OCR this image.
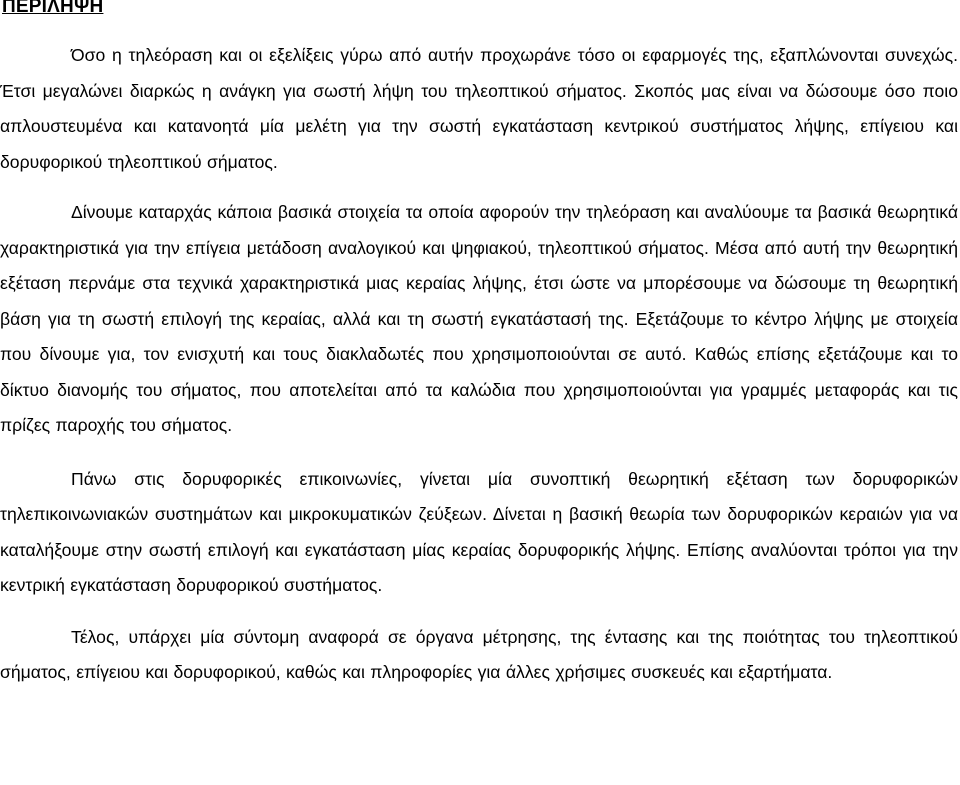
ΠΕΡΙΛΗΨΗ

Όσο η τηλεόραση και οι εξελίξεις γύρω από αυτήν προχωράνε τόσο οι εφαρμογές της, εξαπλώνονται συνεχώς. Έτσι μεγαλώνει διαρκώς η ανάγκη για σωστή λήψη του τηλεοπτικού σήματος. Σκοπός μας είναι να δώσουμε όσο ποιο απλουστευμένα και κατανοητά μία μελέτη για την σωστή εγκατάσταση κεντρικού συστήματος λήψης, επίγειου και δορυφορικού τηλεοπτικού σήματος.

Δίνουμε καταρχάς κάποια βασικά στοιχεία τα οποία αφορούν την τηλεόραση και αναλύουμε τα βασικά θεωρητικά χαρακτηριστικά για την επίγεια μετάδοση αναλογικού και ψηφιακού, τηλεοπτικού σήματος. Μέσα από αυτή την θεωρητική εξέταση περνάμε στα τεχνικά χαρακτηριστικά μιας κεραίας λήψης, έτσι ώστε να μπορέσουμε να δώσουμε τη θεωρητική βάση για τη σωστή επιλογή της κεραίας, αλλά και τη σωστή εγκατάστασή της. Εξετάζουμε το κέντρο λήψης με στοιχεία που δίνουμε για, τον ενισχυτή και τους διακλαδωτές που χρησιμοποιούνται σε αυτό. Καθώς επίσης εξετάζουμε και το δίκτυο διανομής του σήματος, που αποτελείται από τα καλώδια που χρησιμοποιούνται για γραμμές μεταφοράς και τις πρίζες παροχής του σήματος.

Πάνω στις δορυφορικές επικοινωνίες, γίνεται μία συνοπτική θεωρητική εξέταση των δορυφορικών τηλεπικοινωνιακών συστημάτων και μικροκυματικών ζεύξεων. Δίνεται η βασική θεωρία των δορυφορικών κεραιών για να καταλήξουμε στην σωστή επιλογή και εγκατάσταση μίας κεραίας δορυφορικής λήψης. Επίσης αναλύονται τρόποι για την κεντρική εγκατάσταση δορυφορικού συστήματος.

Τέλος, υπάρχει μία σύντομη αναφορά σε όργανα μέτρησης, της έντασης και της ποιότητας του τηλεοπτικού σήματος, επίγειου και δορυφορικού, καθώς και πληροφορίες για άλλες χρήσιμες συσκευές και εξαρτήματα.
